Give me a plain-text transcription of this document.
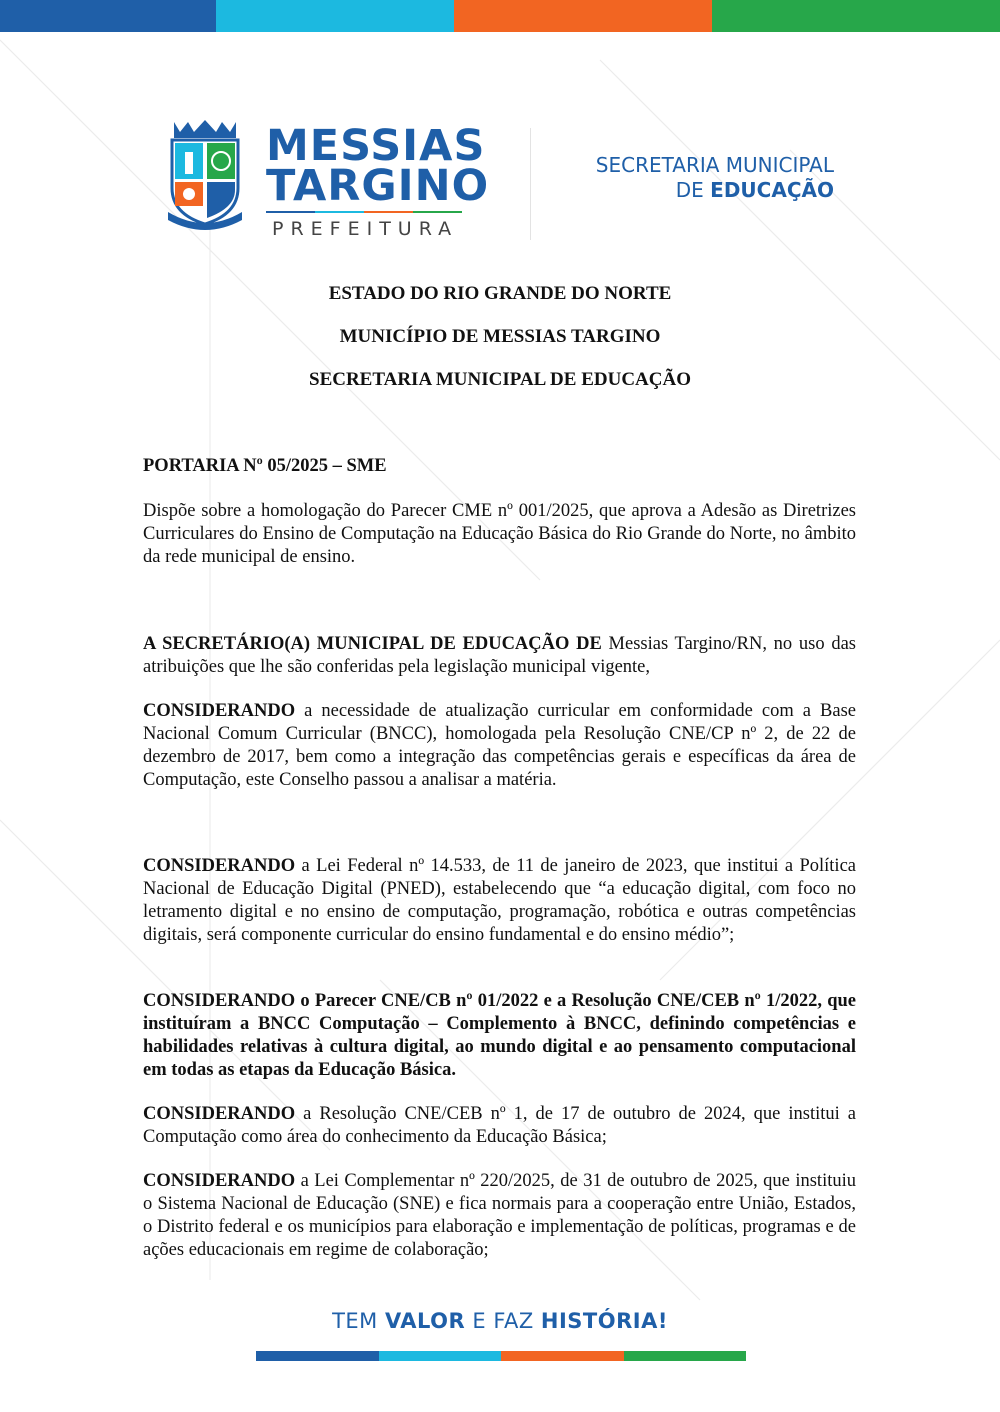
MESSIAS
TARGINO
PREFEITURA
SECRETARIA MUNICIPAL
DE EDUCAÇÃO
ESTADO DO RIO GRANDE DO NORTE
MUNICÍPIO DE MESSIAS TARGINO
SECRETARIA MUNICIPAL DE EDUCAÇÃO
PORTARIA Nº 05/2025 – SME
Dispõe sobre a homologação do Parecer CME nº 001/2025, que aprova a Adesão as Diretrizes Curriculares do Ensino de Computação na Educação Básica do Rio Grande do Norte, no âmbito da rede municipal de ensino.
A SECRETÁRIO(A) MUNICIPAL DE EDUCAÇÃO DE Messias Targino/RN, no uso das atribuições que lhe são conferidas pela legislação municipal vigente,
CONSIDERANDO a necessidade de atualização curricular em conformidade com a Base Nacional Comum Curricular (BNCC), homologada pela Resolução CNE/CP nº 2, de 22 de dezembro de 2017, bem como a integração das competências gerais e específicas da área de Computação, este Conselho passou a analisar a matéria.
CONSIDERANDO a Lei Federal nº 14.533, de 11 de janeiro de 2023, que institui a Política Nacional de Educação Digital (PNED), estabelecendo que “a educação digital, com foco no letramento digital e no ensino de computação, programação, robótica e outras competências digitais, será componente curricular do ensino fundamental e do ensino médio”;
CONSIDERANDO o Parecer CNE/CB nº 01/2022 e a Resolução CNE/CEB nº 1/2022, que instituíram a BNCC Computação – Complemento à BNCC, definindo competências e habilidades relativas à cultura digital, ao mundo digital e ao pensamento computacional em todas as etapas da Educação Básica.
CONSIDERANDO a Resolução CNE/CEB nº 1, de 17 de outubro de 2024, que institui a Computação como área do conhecimento da Educação Básica;
CONSIDERANDO a Lei Complementar nº 220/2025, de 31 de outubro de 2025, que instituiu o Sistema Nacional de Educação (SNE) e fica normais para a cooperação entre União, Estados, o Distrito federal e os municípios para elaboração e implementação de políticas, programas e de ações educacionais em regime de colaboração;
TEM VALOR E FAZ HISTÓRIA!
